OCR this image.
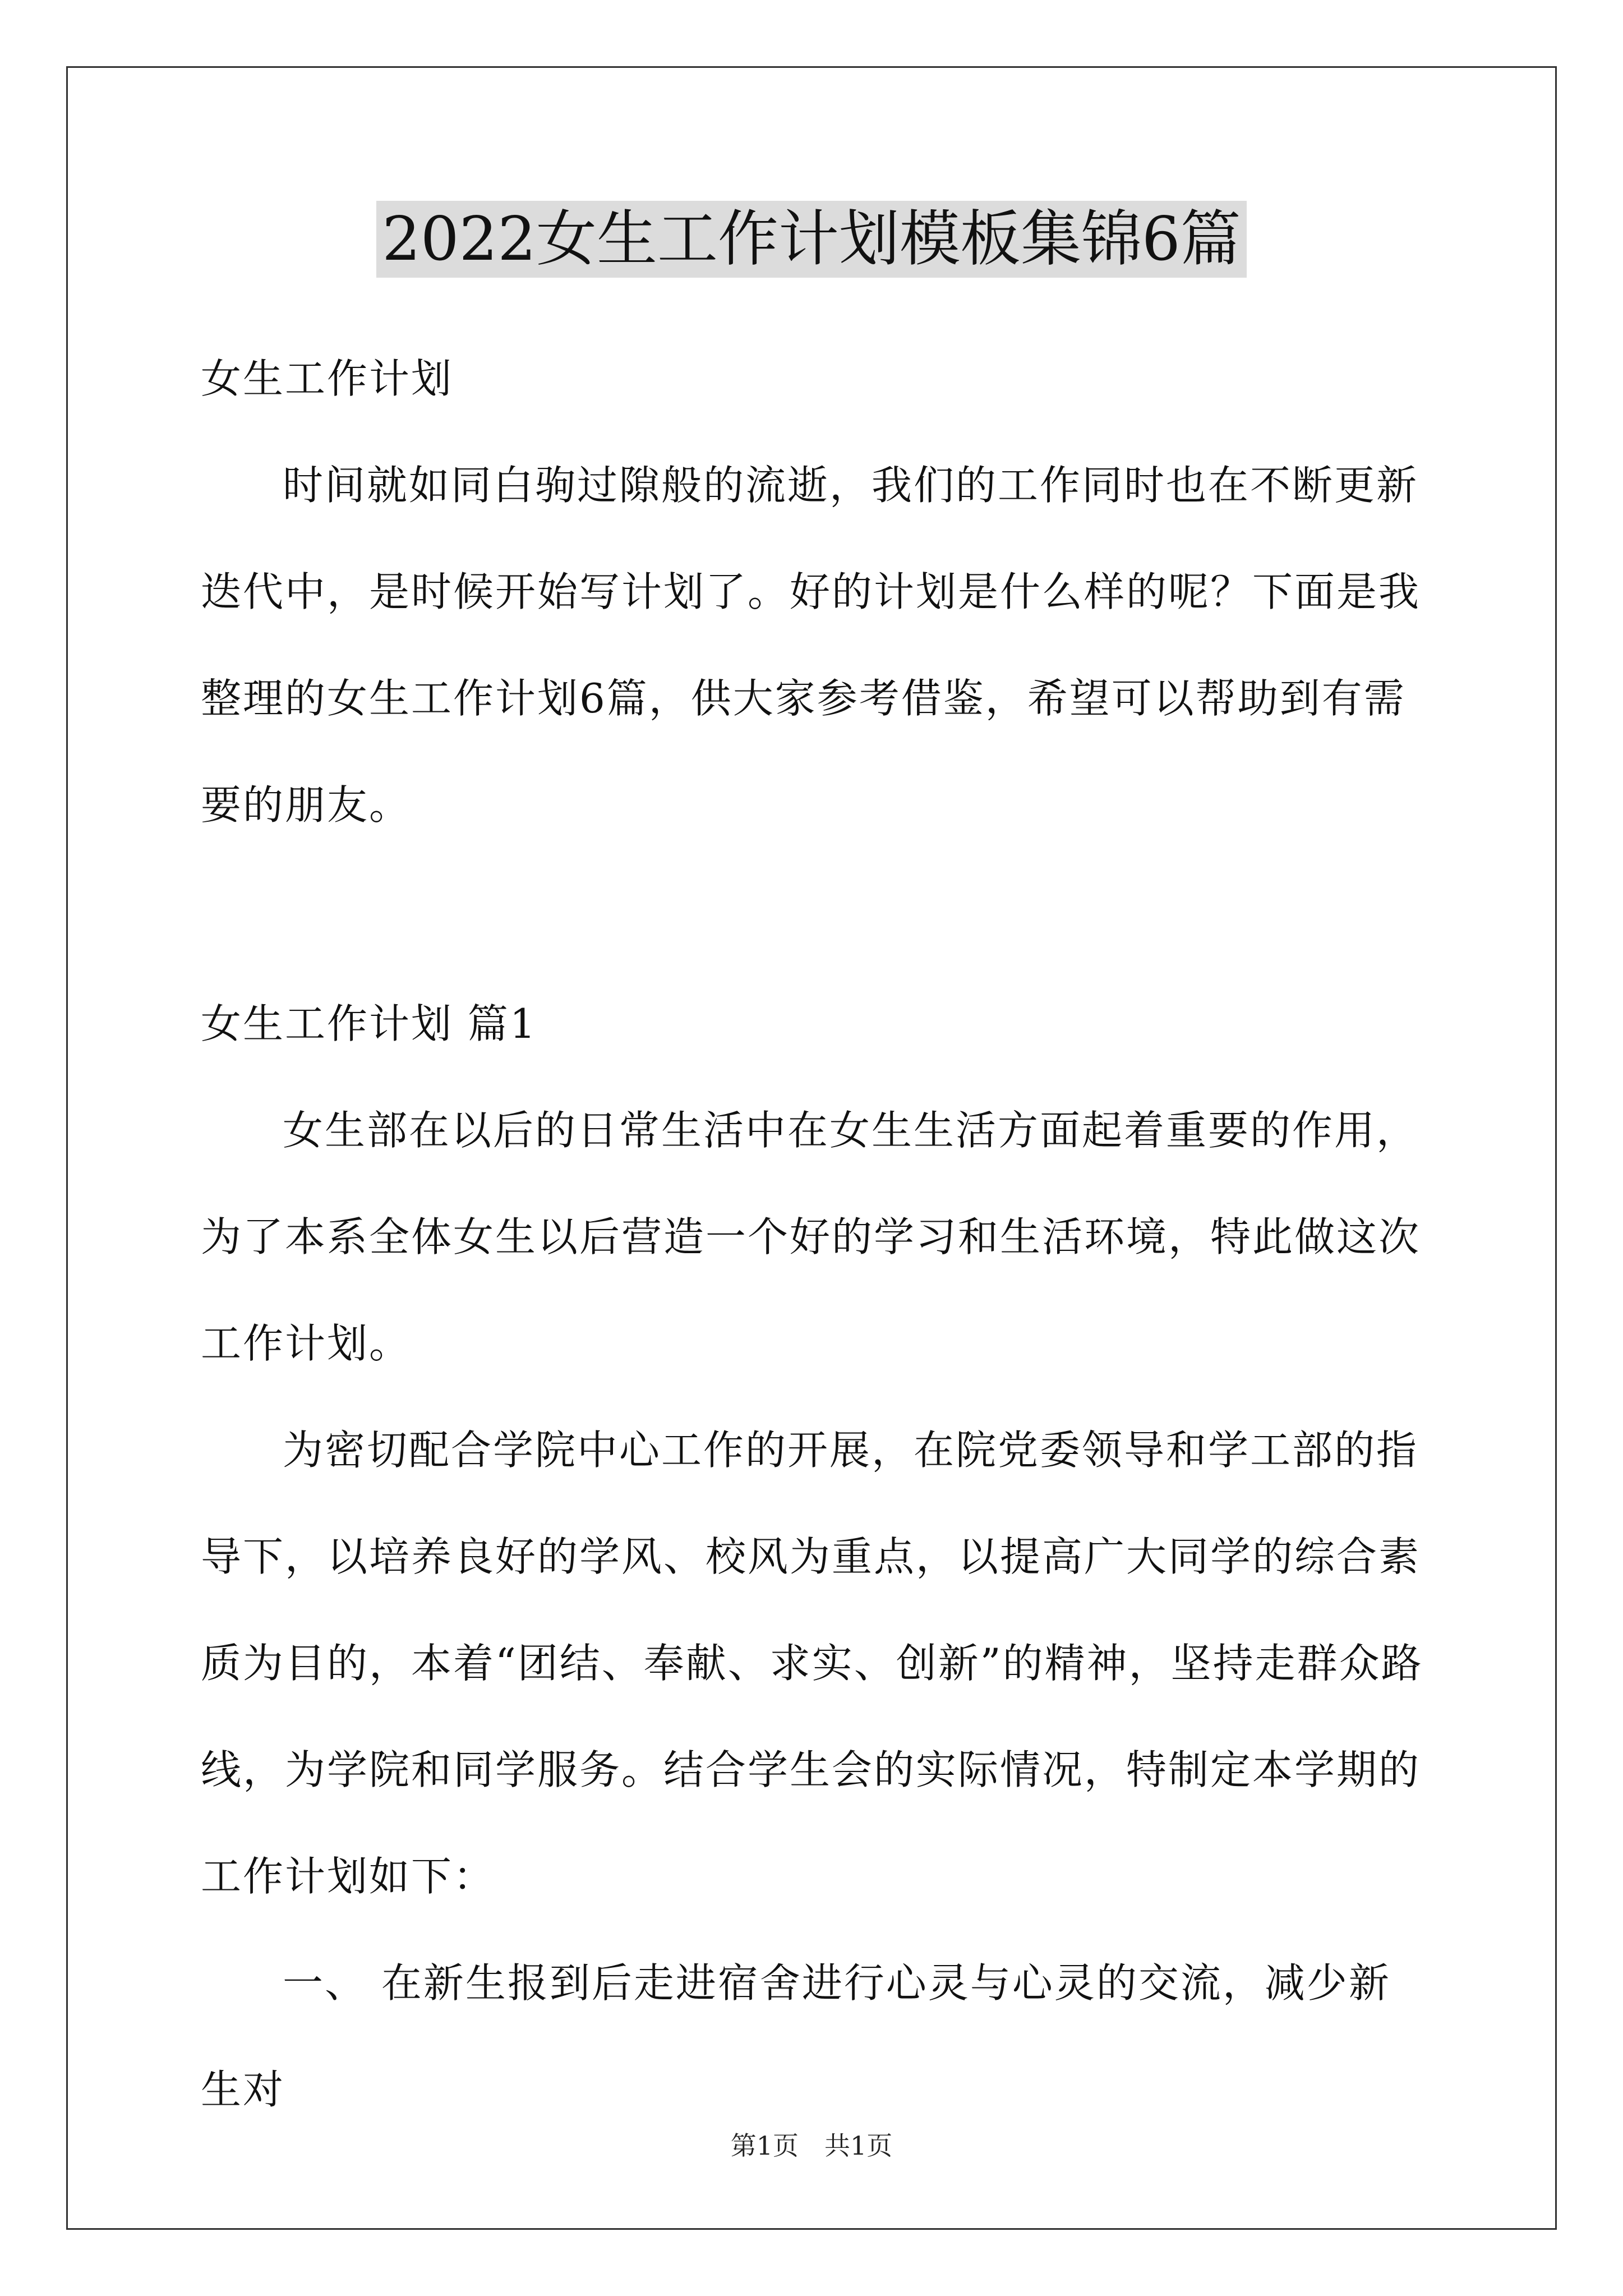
2022女生工作计划模板集锦6篇

女生工作计划

时间就如同白驹过隙般的流逝，我们的工作同时也在不断更新迭代中，是时候开始写计划了。好的计划是什么样的呢？下面是我整理的女生工作计划6篇，供大家参考借鉴，希望可以帮助到有需要的朋友。

女生工作计划 篇1

女生部在以后的日常生活中在女生生活方面起着重要的作用，为了本系全体女生以后营造一个好的学习和生活环境，特此做这次工作计划。

为密切配合学院中心工作的开展，在院党委领导和学工部的指导下，以培养良好的学风、校风为重点，以提高广大同学的综合素质为目的，本着“团结、奉献、求实、创新”的精神，坚持走群众路线，为学院和同学服务。结合学生会的实际情况，特制定本学期的工作计划如下：

一、 在新生报到后走进宿舍进行心灵与心灵的交流，减少新生对

第1页　共1页
